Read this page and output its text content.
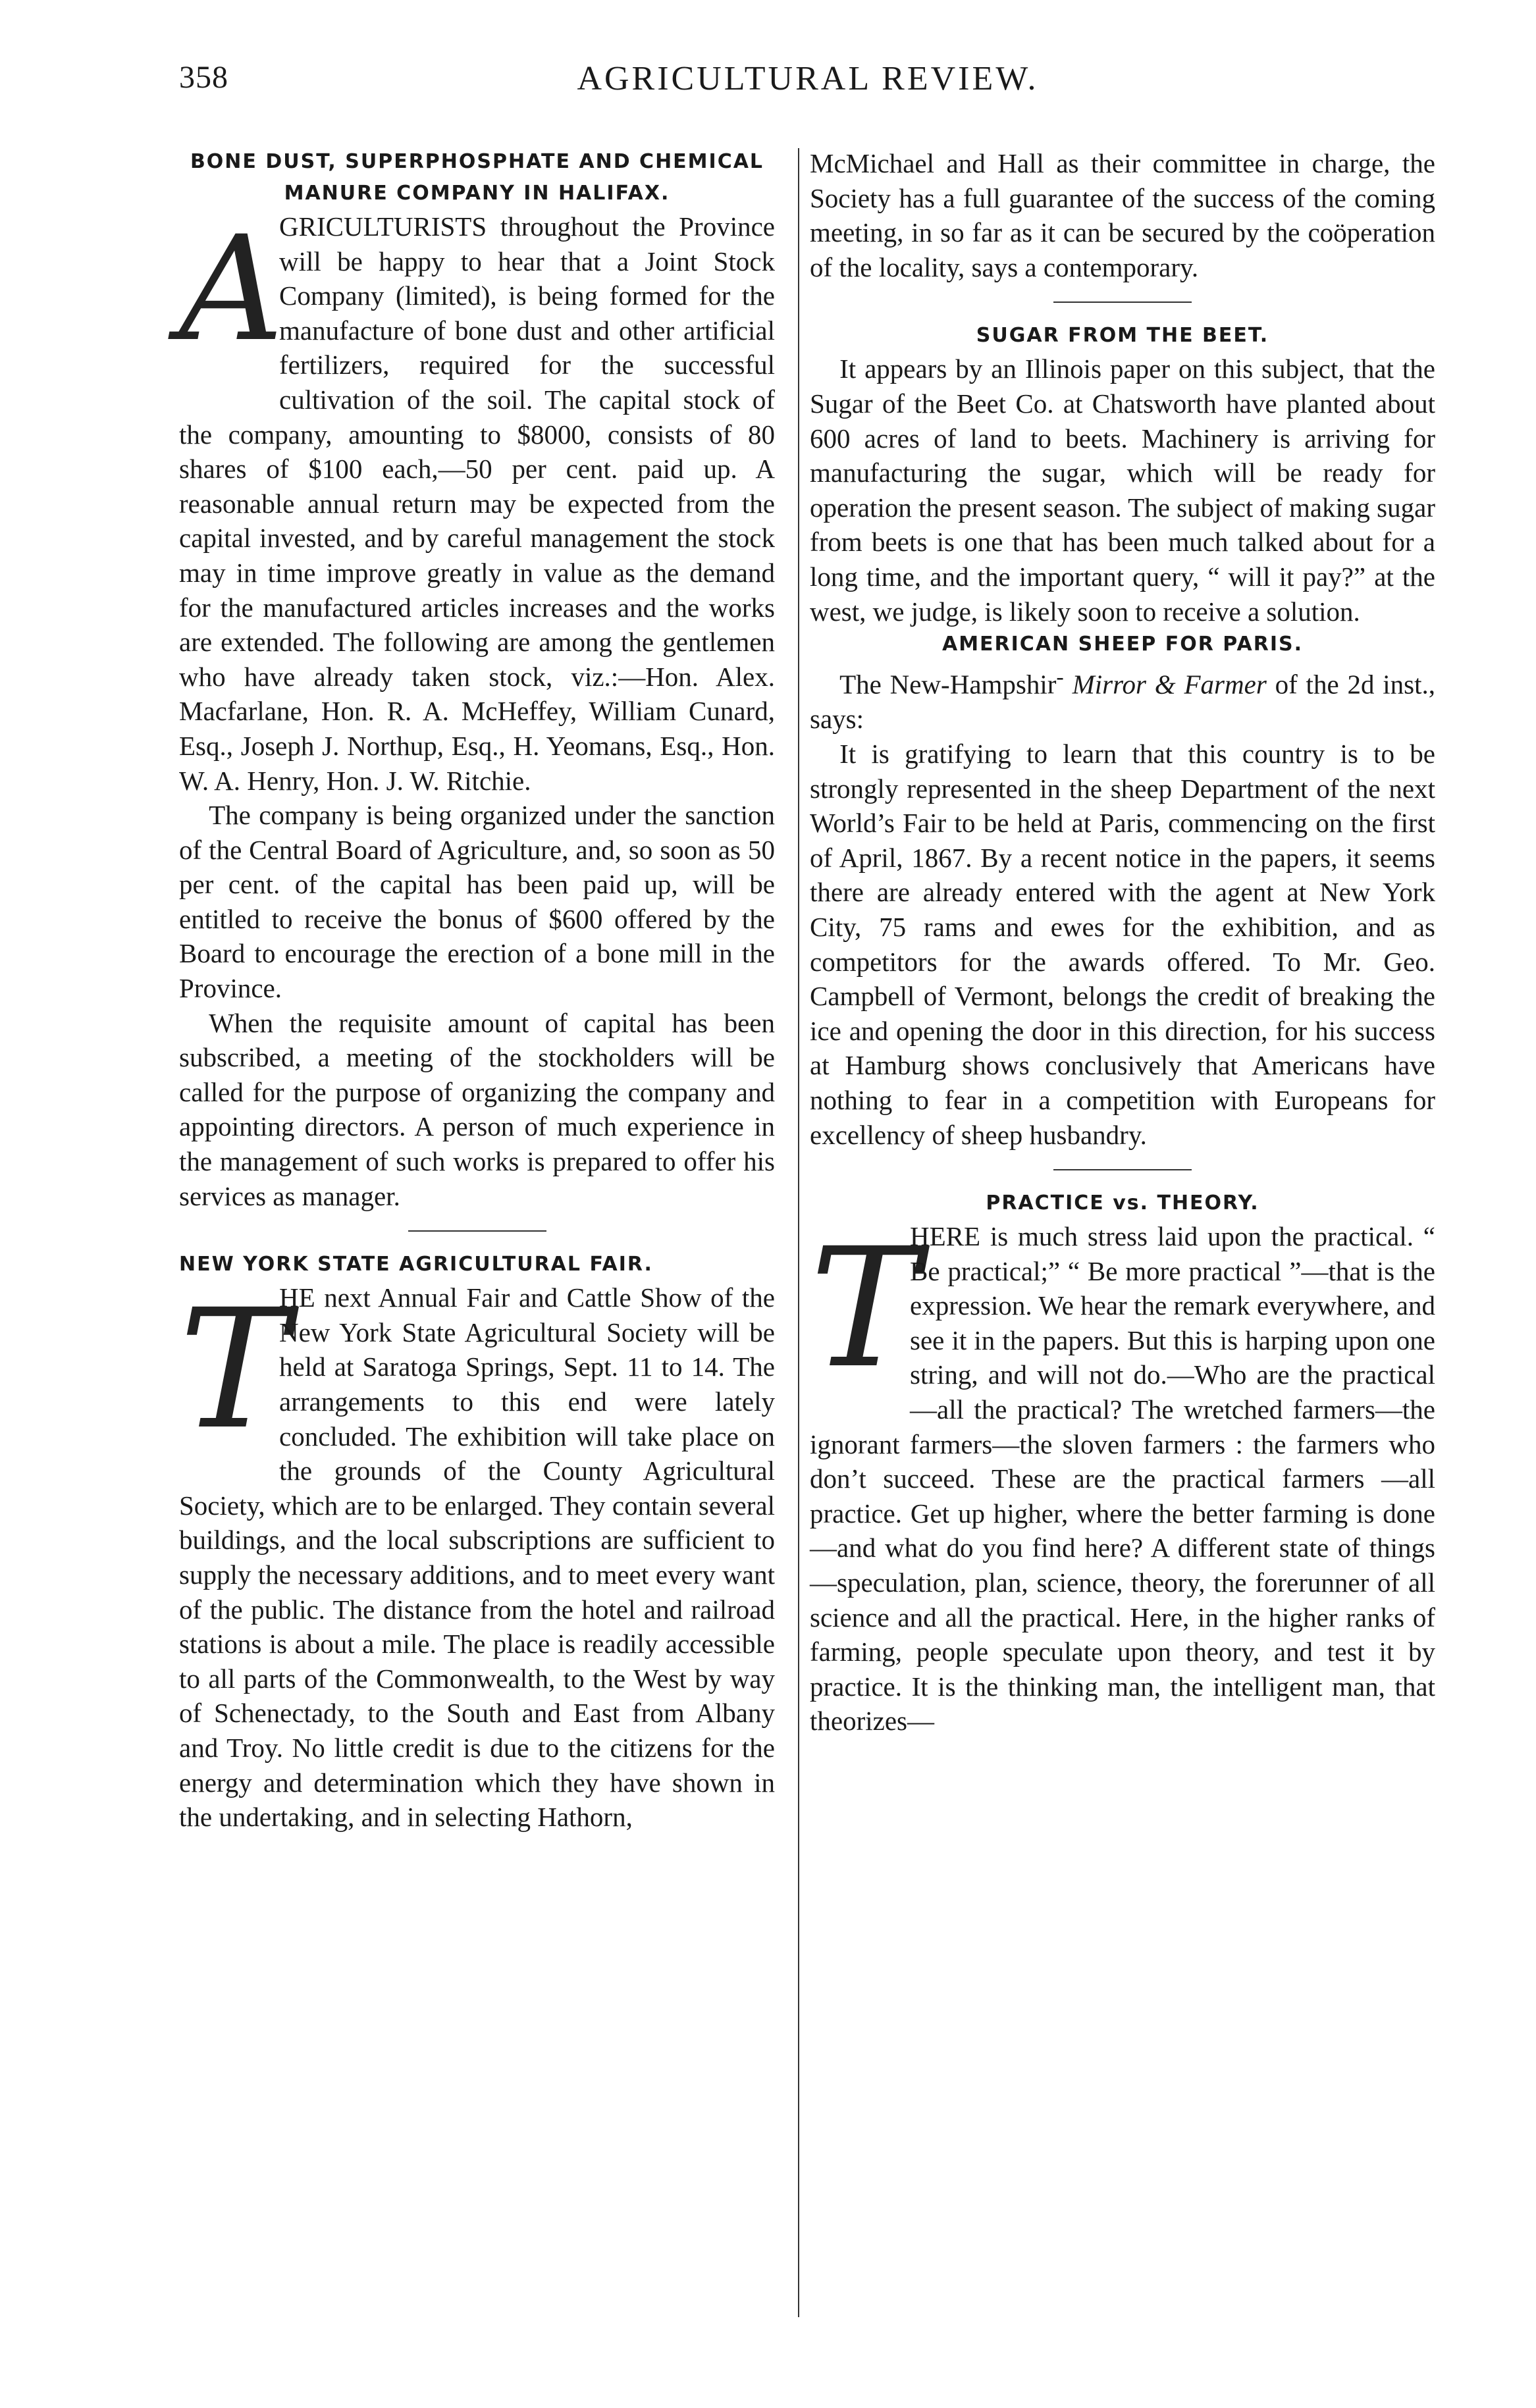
358	AGRICULTURAL REVIEW.
BONE DUST, SUPERPHOSPHATE AND CHEMICAL MANURE COMPANY IN HALIFAX.
A

GRICULTURISTS throughout the Province will be happy to hear that a Joint Stock Company (limited), is being formed for the manufacture of bone dust and other artificial fertilizers, required for the successful cultivation of the soil. The capital stock of the company, amounting to $8000, consists of 80 shares of $100 each,—50 per cent. paid up. A reasonable annual return may be expected from the capital invested, and by careful management the stock may in time improve greatly in value as the demand for the manufactured articles increases and the works are extended. The following are among the gentlemen who have already taken stock, viz.:—Hon. Alex. Macfarlane, Hon. R. A. McHeffey, William Cunard, Esq., Joseph J. Northup, Esq., H. Yeomans, Esq., Hon. W. A. Henry, Hon. J. W. Ritchie.

The company is being organized under the sanction of the Central Board of Agriculture, and, so soon as 50 per cent. of the capital has been paid up, will be entitled to receive the bonus of $600 offered by the Board to encourage the erection of a bone mill in the Province.

When the requisite amount of capital has been subscribed, a meeting of the stockholders will be called for the purpose of organizing the company and appointing directors. A person of much experience in the management of such works is prepared to offer his services as manager.

NEW YORK STATE AGRICULTURAL FAIR.
T

HE next Annual Fair and Cattle Show of the New York State Agricultural Society will be held at Saratoga Springs, Sept. 11 to 14. The arrangements to this end were lately concluded. The exhibition will take place on the grounds of the County Agricultural Society, which are to be enlarged. They contain several buildings, and the local subscriptions are sufficient to supply the necessary additions, and to meet every want of the public. The distance from the hotel and railroad stations is about a mile. The place is readily accessible to all parts of the Commonwealth, to the West by way of Schenectady, to the South and East from Albany and Troy. No little credit is due to the citizens for the energy and determination which they have shown in the undertaking, and in selecting Hathorn,

McMichael and Hall as their committee in charge, the Society has a full guarantee of the success of the coming meeting, in so far as it can be secured by the coöperation of the locality, says a contemporary.

SUGAR FROM THE BEET.

It appears by an Illinois paper on this subject, that the Sugar of the Beet Co. at Chatsworth have planted about 600 acres of land to beets. Machinery is arriving for manufacturing the sugar, which will be ready for operation the present season. The subject of making sugar from beets is one that has been much talked about for a long time, and the important query, “ will it pay?” at the west, we judge, is likely soon to receive a solution.

AMERICAN SHEEP FOR PARIS.

The New-Hampshir- Mirror & Farmer of the 2d inst., says:

It is gratifying to learn that this country is to be strongly represented in the sheep Department of the next World’s Fair to be held at Paris, commencing on the first of April, 1867. By a recent notice in the papers, it seems there are already entered with the agent at New York City, 75 rams and ewes for the exhibition, and as competitors for the awards offered. To Mr. Geo. Campbell of Vermont, belongs the credit of breaking the ice and opening the door in this direction, for his success at Hamburg shows conclusively that Americans have nothing to fear in a competition with Europeans for excellency of sheep husbandry.

PRACTICE vs. THEORY.
T

HERE is much stress laid upon the practical. “ Be practical;” “ Be more practical ”—that is the expression. We hear the remark everywhere, and see it in the papers. But this is harping upon one string, and will not do.—Who are the practical—all the practical? The wretched farmers—the ignorant farmers—the sloven farmers : the farmers who don’t succeed. These are the practical farmers —all practice. Get up higher, where the better farming is done—and what do you find here? A different state of things—speculation, plan, science, theory, the forerunner of all science and all the practical. Here, in the higher ranks of farming, people speculate upon theory, and test it by practice. It is the thinking man, the intelligent man, that theorizes—
